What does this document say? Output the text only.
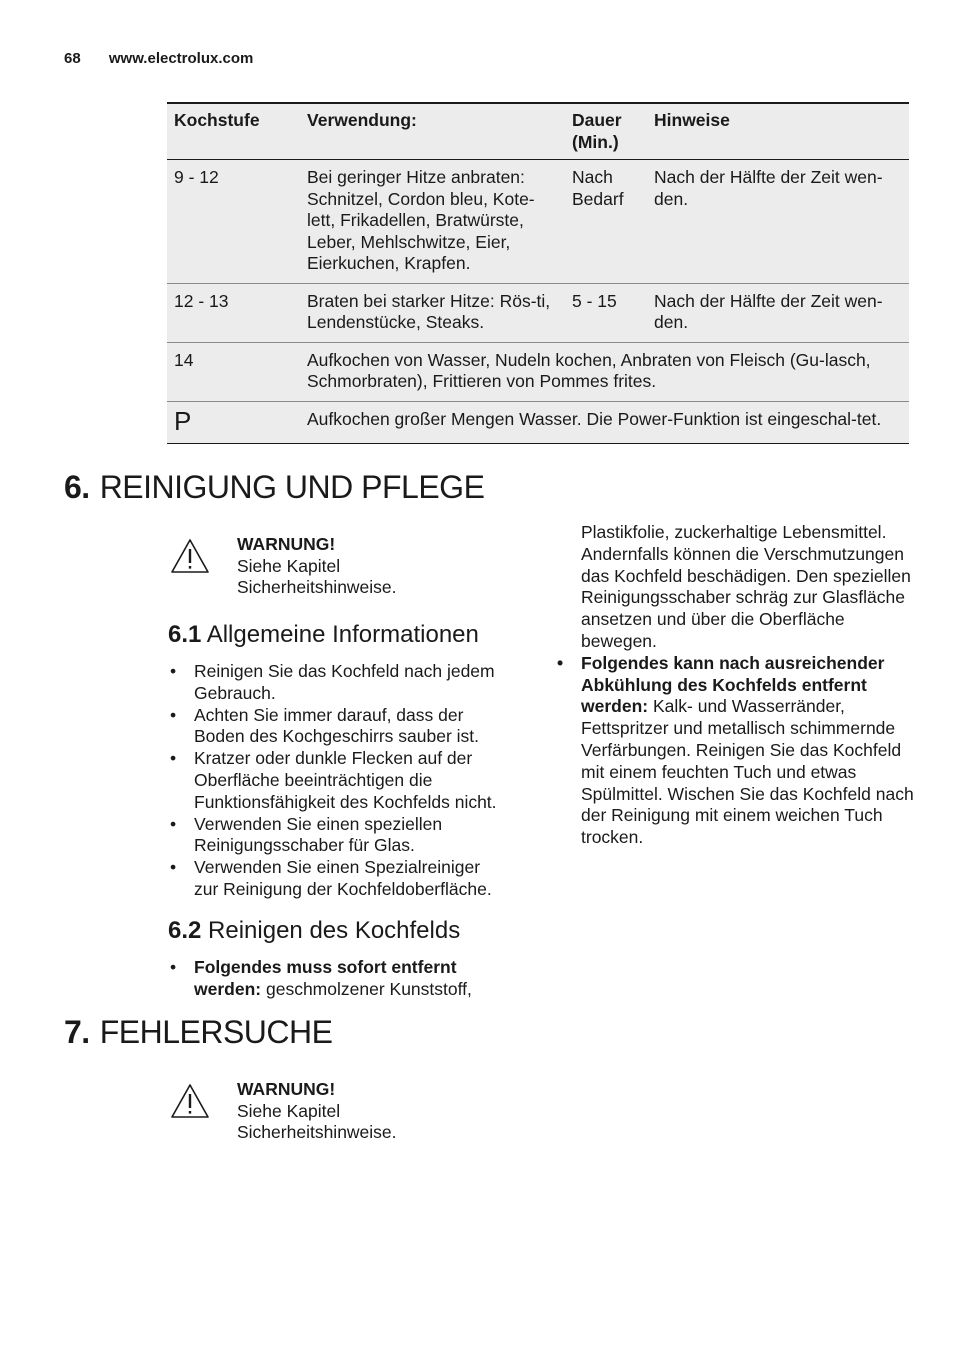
68 www.electrolux.com
Kochstufe	Verwendung:	Dauer (Min.)	Hinweise
9 - 12	Bei geringer Hitze anbraten: Schnitzel, Cordon bleu, Kote-lett, Frikadellen, Bratwürste, Leber, Mehlschwitze, Eier, Eierkuchen, Krapfen.	Nach Bedarf	Nach der Hälfte der Zeit wen-den.
12 - 13	Braten bei starker Hitze: Rös-ti, Lendenstücke, Steaks.	5 - 15	Nach der Hälfte der Zeit wen-den.
14	Aufkochen von Wasser, Nudeln kochen, Anbraten von Fleisch (Gu-lasch, Schmorbraten), Frittieren von Pommes frites.		
P	Aufkochen großer Mengen Wasser. Die Power-Funktion ist eingeschal-tet.		
6. REINIGUNG UND PFLEGE
WARNUNG!
Siehe Kapitel Sicherheitshinweise.
6.1 Allgemeine Informationen
• Reinigen Sie das Kochfeld nach jedem Gebrauch.
• Achten Sie immer darauf, dass der Boden des Kochgeschirrs sauber ist.
• Kratzer oder dunkle Flecken auf der Oberfläche beeinträchtigen die Funktionsfähigkeit des Kochfelds nicht.
• Verwenden Sie einen speziellen Reinigungsschaber für Glas.
• Verwenden Sie einen Spezialreiniger zur Reinigung der Kochfeldoberfläche.
6.2 Reinigen des Kochfelds
• Folgendes muss sofort entfernt werden: geschmolzener Kunststoff,
Plastikfolie, zuckerhaltige Lebensmittel. Andernfalls können die Verschmutzungen das Kochfeld beschädigen. Den speziellen Reinigungsschaber schräg zur Glasfläche ansetzen und über die Oberfläche bewegen.
• Folgendes kann nach ausreichender Abkühlung des Kochfelds entfernt werden: Kalk- und Wasserränder, Fettspritzer und metallisch schimmernde Verfärbungen. Reinigen Sie das Kochfeld mit einem feuchten Tuch und etwas Spülmittel. Wischen Sie das Kochfeld nach der Reinigung mit einem weichen Tuch trocken.
7. FEHLERSUCHE
WARNUNG!
Siehe Kapitel Sicherheitshinweise.
